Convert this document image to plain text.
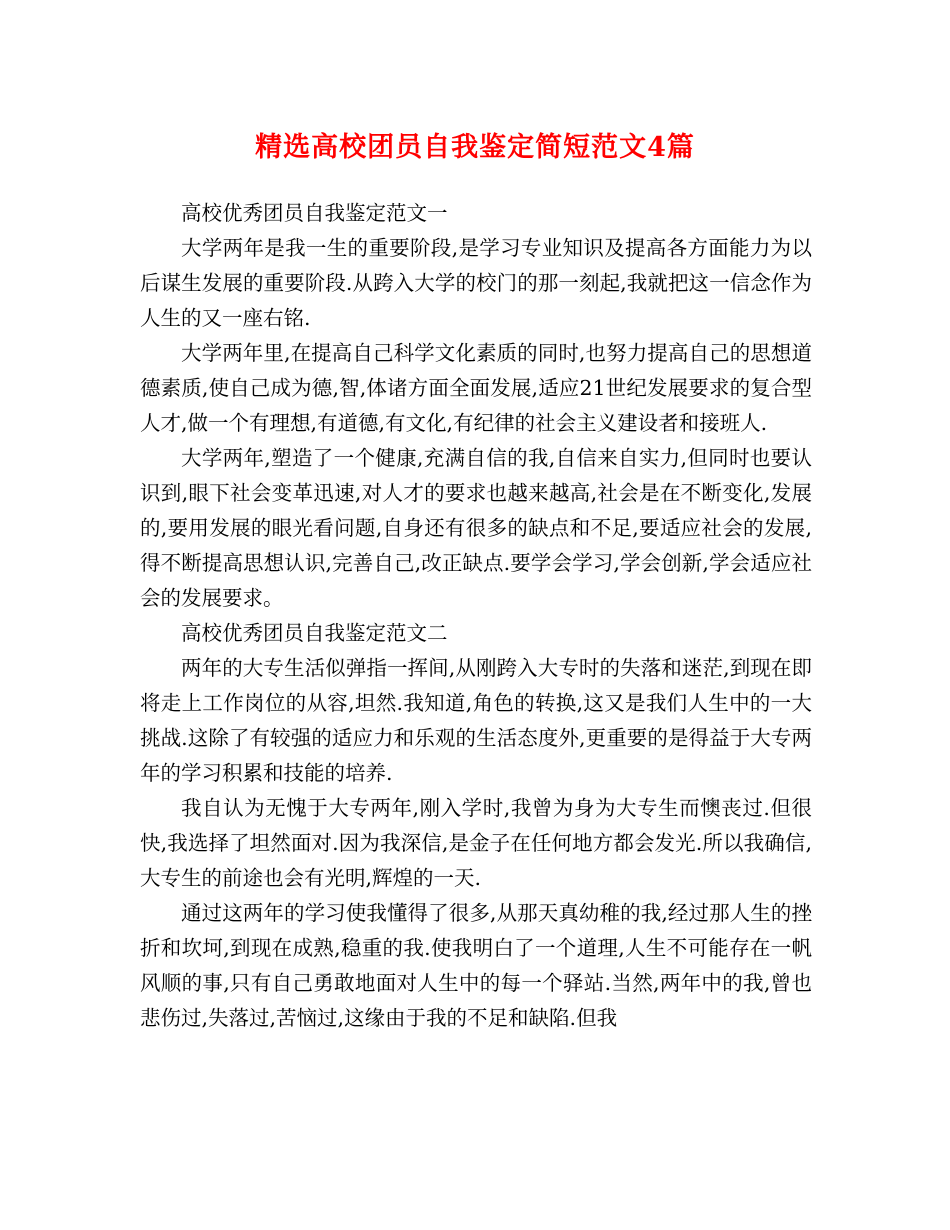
精选高校团员自我鉴定简短范文4篇

高校优秀团员自我鉴定范文一

大学两年是我一生的重要阶段,是学习专业知识及提高各方面能力为以后谋生发展的重要阶段.从跨入大学的校门的那一刻起,我就把这一信念作为人生的又一座右铭.

大学两年里,在提高自己科学文化素质的同时,也努力提高自己的思想道德素质,使自己成为德,智,体诸方面全面发展,适应21世纪发展要求的复合型人才,做一个有理想,有道德,有文化,有纪律的社会主义建设者和接班人.

大学两年,塑造了一个健康,充满自信的我,自信来自实力,但同时也要认识到,眼下社会变革迅速,对人才的要求也越来越高,社会是在不断变化,发展的,要用发展的眼光看问题,自身还有很多的缺点和不足,要适应社会的发展,得不断提高思想认识,完善自己,改正缺点.要学会学习,学会创新,学会适应社会的发展要求。

高校优秀团员自我鉴定范文二

两年的大专生活似弹指一挥间,从刚跨入大专时的失落和迷茫,到现在即将走上工作岗位的从容,坦然.我知道,角色的转换,这又是我们人生中的一大挑战.这除了有较强的适应力和乐观的生活态度外,更重要的是得益于大专两年的学习积累和技能的培养.

我自认为无愧于大专两年,刚入学时,我曾为身为大专生而懊丧过.但很快,我选择了坦然面对.因为我深信,是金子在任何地方都会发光.所以我确信,大专生的前途也会有光明,辉煌的一天.

通过这两年的学习使我懂得了很多,从那天真幼稚的我,经过那人生的挫折和坎坷,到现在成熟,稳重的我.使我明白了一个道理,人生不可能存在一帆风顺的事,只有自己勇敢地面对人生中的每一个驿站.当然,两年中的我,曾也悲伤过,失落过,苦恼过,这缘由于我的不足和缺陷.但我
